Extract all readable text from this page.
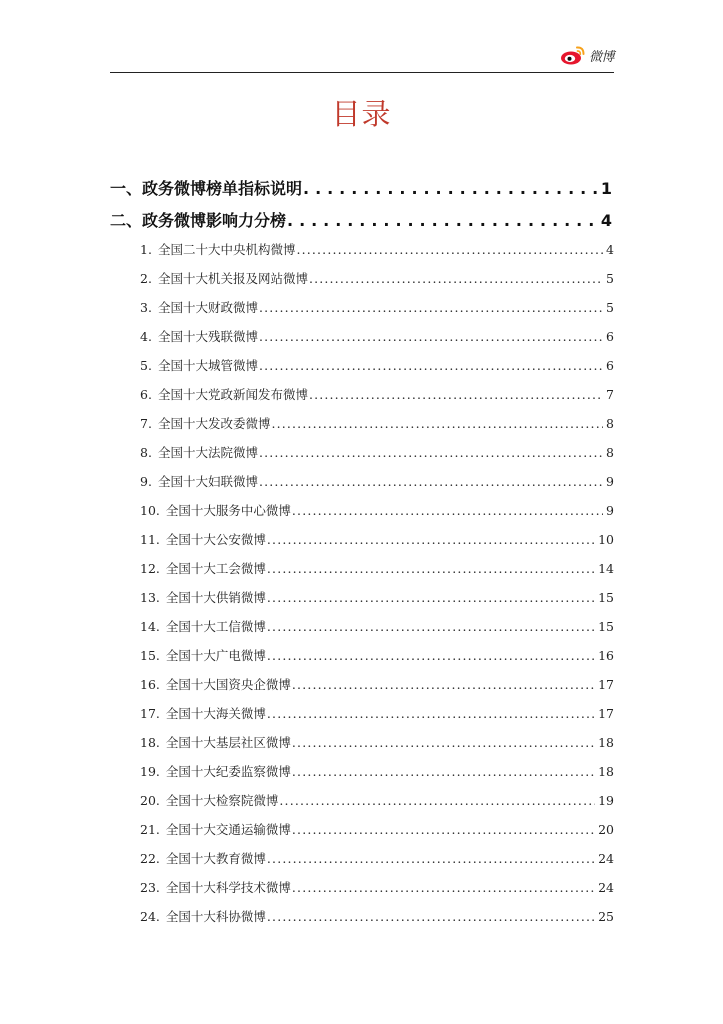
微博
目录
一、政务微博榜单指标说明 . . .	1
二、政务微博影响力分榜 . . .	4
1. 全国二十大中央机构微博 . . .	4
2. 全国十大机关报及网站微博 . . .	5
3. 全国十大财政微博 . . .	5
4. 全国十大残联微博 . . .	6
5. 全国十大城管微博 . . .	6
6. 全国十大党政新闻发布微博 . . .	7
7. 全国十大发改委微博 . . .	8
8. 全国十大法院微博 . . .	8
9. 全国十大妇联微博 . . .	9
10. 全国十大服务中心微博 . . .	9
11. 全国十大公安微博 . . .	10
12. 全国十大工会微博 . . .	14
13. 全国十大供销微博 . . .	15
14. 全国十大工信微博 . . .	15
15. 全国十大广电微博 . . .	16
16. 全国十大国资央企微博 . . .	17
17. 全国十大海关微博 . . .	17
18. 全国十大基层社区微博 . . .	18
19. 全国十大纪委监察微博 . . .	18
20. 全国十大检察院微博 . . .	19
21. 全国十大交通运输微博 . . .	20
22. 全国十大教育微博 . . .	24
23. 全国十大科学技术微博 . . .	24
24. 全国十大科协微博 . . .	25
